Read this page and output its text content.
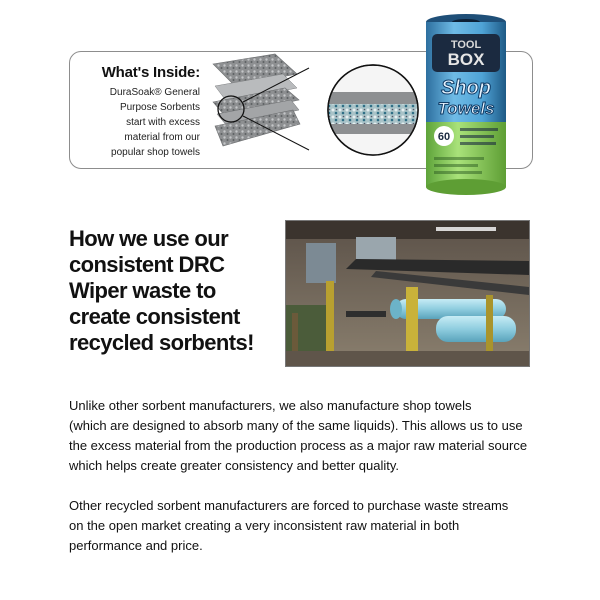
What's Inside:
DuraSoak® General
Purpose Sorbents
start with excess
material from our
popular shop towels
TOOL
BOX
Shop
Towels
60
How we use our
consistent DRC
Wiper waste to
create consistent
recycled sorbents!
Unlike other sorbent manufacturers, we also manufacture shop towels
(which are designed to absorb many of the same liquids). This allows us to use
the excess material from the production process as a major raw material source
which helps create greater consistency and better quality.
Other recycled sorbent manufacturers are forced to purchase waste streams
on the open market creating a very inconsistent raw material in both
performance and price.
